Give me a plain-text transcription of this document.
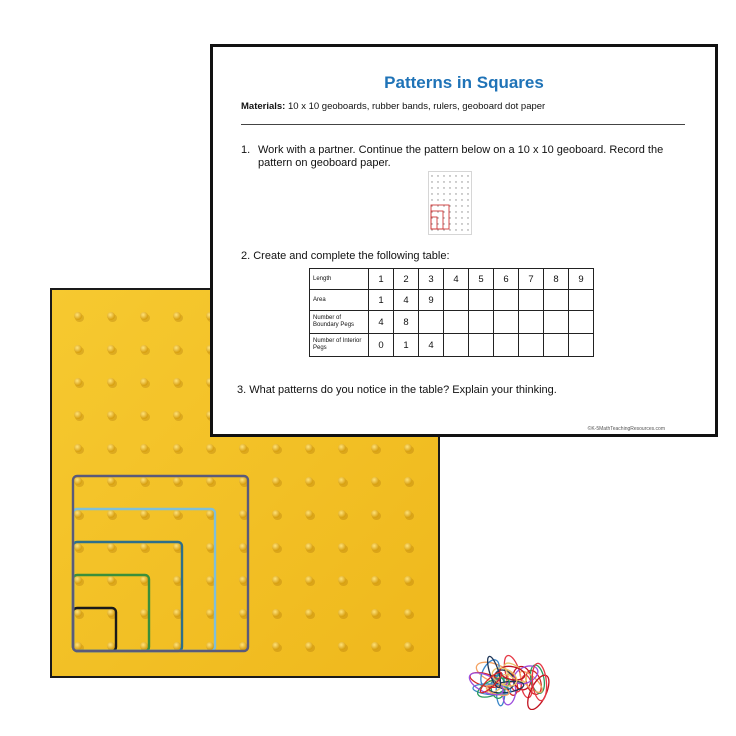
Patterns in Squares
Materials: 10 x 10 geoboards, rubber bands, rulers, geoboard dot paper
1. Work with a partner. Continue the pattern below on a 10 x 10 geoboard. Record the pattern on geoboard paper.
2. Create and complete the following table:
Length	1	2	3	4	5	6	7	8	9
Area	1	4	9						
Number of Boundary Pegs	4	8							
Number of Interior Pegs	0	1	4						
3. What patterns do you notice in the table? Explain your thinking.
©K-5MathTeachingResources.com
